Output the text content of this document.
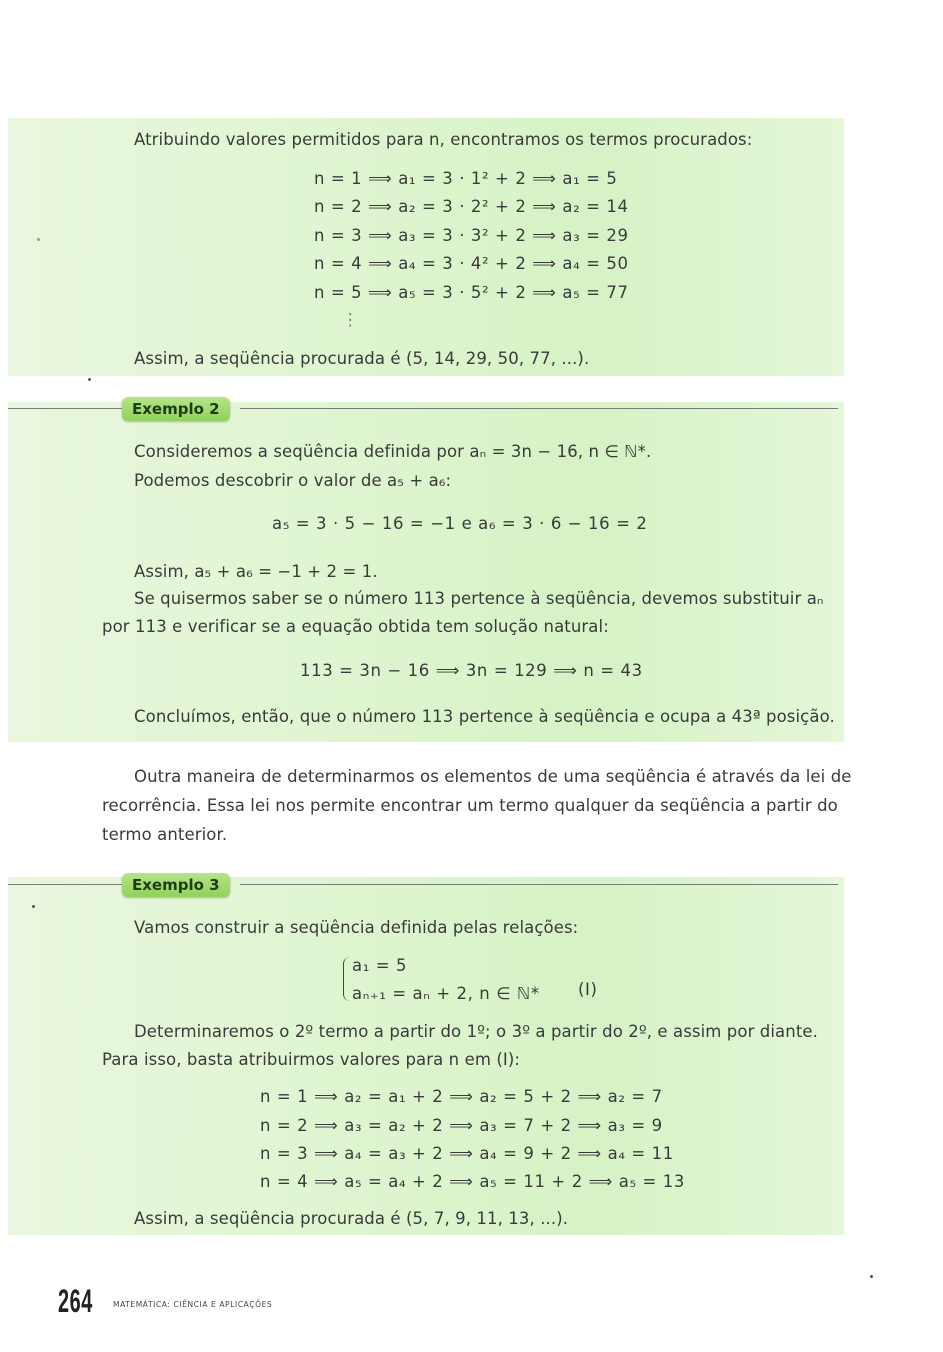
Atribuindo valores permitidos para n, encontramos os termos procurados:
n = 1 ⟹ a₁ = 3 · 1² + 2 ⟹ a₁ = 5
n = 2 ⟹ a₂ = 3 · 2² + 2 ⟹ a₂ = 14
n = 3 ⟹ a₃ = 3 · 3² + 2 ⟹ a₃ = 29
n = 4 ⟹ a₄ = 3 · 4² + 2 ⟹ a₄ = 50
n = 5 ⟹ a₅ = 3 · 5² + 2 ⟹ a₅ = 77
⋮
Assim, a seqüência procurada é (5, 14, 29, 50, 77, ...).
Exemplo 2
Consideremos a seqüência definida por aₙ = 3n − 16, n ∈ ℕ*.
Podemos descobrir o valor de a₅ + a₆:
a₅ = 3 · 5 − 16 = −1 e a₆ = 3 · 6 − 16 = 2
Assim, a₅ + a₆ = −1 + 2 = 1.
Se quisermos saber se o número 113 pertence à seqüência, devemos substituir aₙ
por 113 e verificar se a equação obtida tem solução natural:
113 = 3n − 16 ⟹ 3n = 129 ⟹ n = 43
Concluímos, então, que o número 113 pertence à seqüência e ocupa a 43ª posição.
Outra maneira de determinarmos os elementos de uma seqüência é através da lei de
recorrência. Essa lei nos permite encontrar um termo qualquer da seqüência a partir do
termo anterior.
Exemplo 3
Vamos construir a seqüência definida pelas relações:
a₁ = 5
aₙ₊₁ = aₙ + 2, n ∈ ℕ* (I)
Determinaremos o 2º termo a partir do 1º; o 3º a partir do 2º, e assim por diante.
Para isso, basta atribuirmos valores para n em (I):
n = 1 ⟹ a₂ = a₁ + 2 ⟹ a₂ = 5 + 2 ⟹ a₂ = 7
n = 2 ⟹ a₃ = a₂ + 2 ⟹ a₃ = 7 + 2 ⟹ a₃ = 9
n = 3 ⟹ a₄ = a₃ + 2 ⟹ a₄ = 9 + 2 ⟹ a₄ = 11
n = 4 ⟹ a₅ = a₄ + 2 ⟹ a₅ = 11 + 2 ⟹ a₅ = 13
Assim, a seqüência procurada é (5, 7, 9, 11, 13, ...).
264	MATEMÁTICA: CIÊNCIA E APLICAÇÕES
